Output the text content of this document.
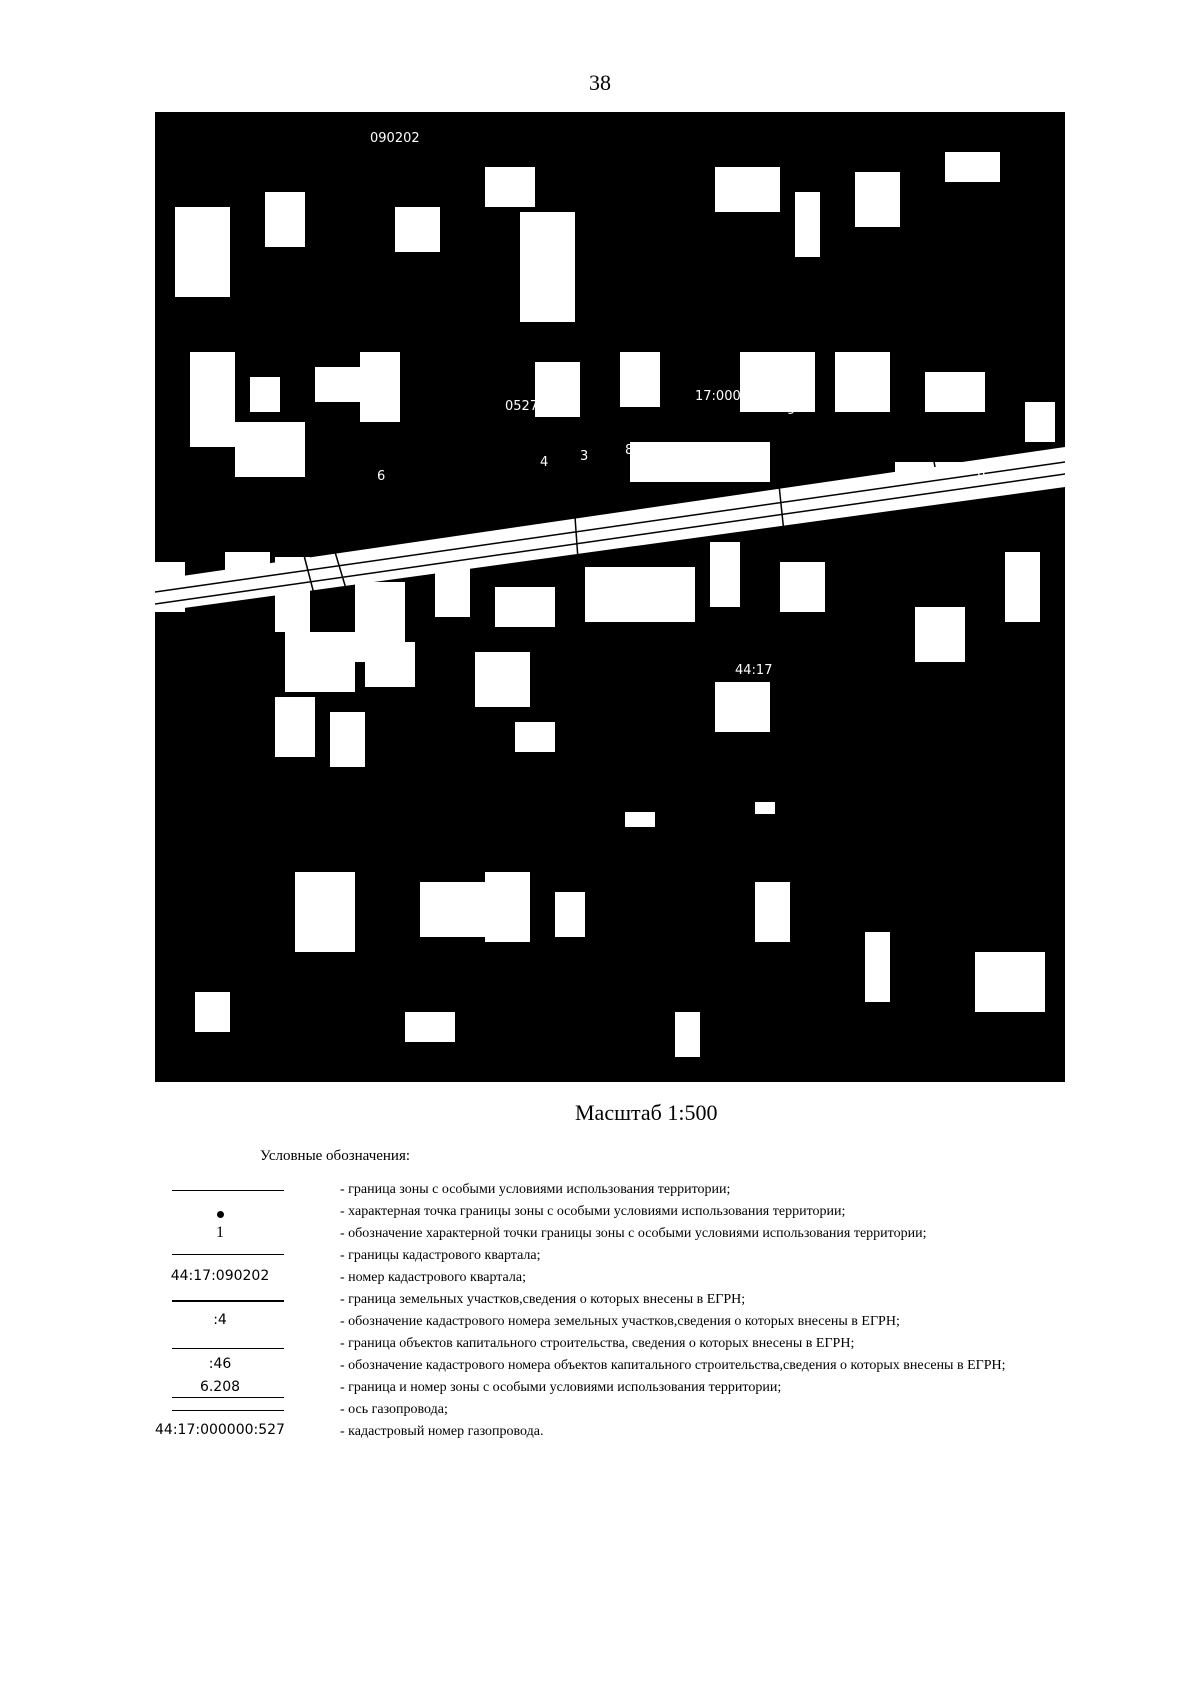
38
090202
17:000000:5
0527
4 3
6
8
9
6
44:17
Масштаб 1:500
Условные обозначения:
- граница зоны с особыми условиями использования территории;
- характерная точка границы зоны с особыми условиями использования территории;
1	- обозначение характерной точки границы зоны с особыми условиями использования территории;
- границы кадастрового квартала;
44:17:090202	- номер кадастрового квартала;
- граница земельных участков,сведения о которых внесены в ЕГРН;
:4	- обозначение кадастрового номера земельных участков,сведения о которых внесены в ЕГРН;
- граница объектов капитального строительства, сведения о которых внесены в ЕГРН;
:46	- обозначение кадастрового номера объектов капитального строительства,сведения о которых внесены в ЕГРН;
6.208	- граница и номер зоны с особыми условиями использования территории;
- ось газопровода;
44:17:000000:527	- кадастровый номер газопровода.
